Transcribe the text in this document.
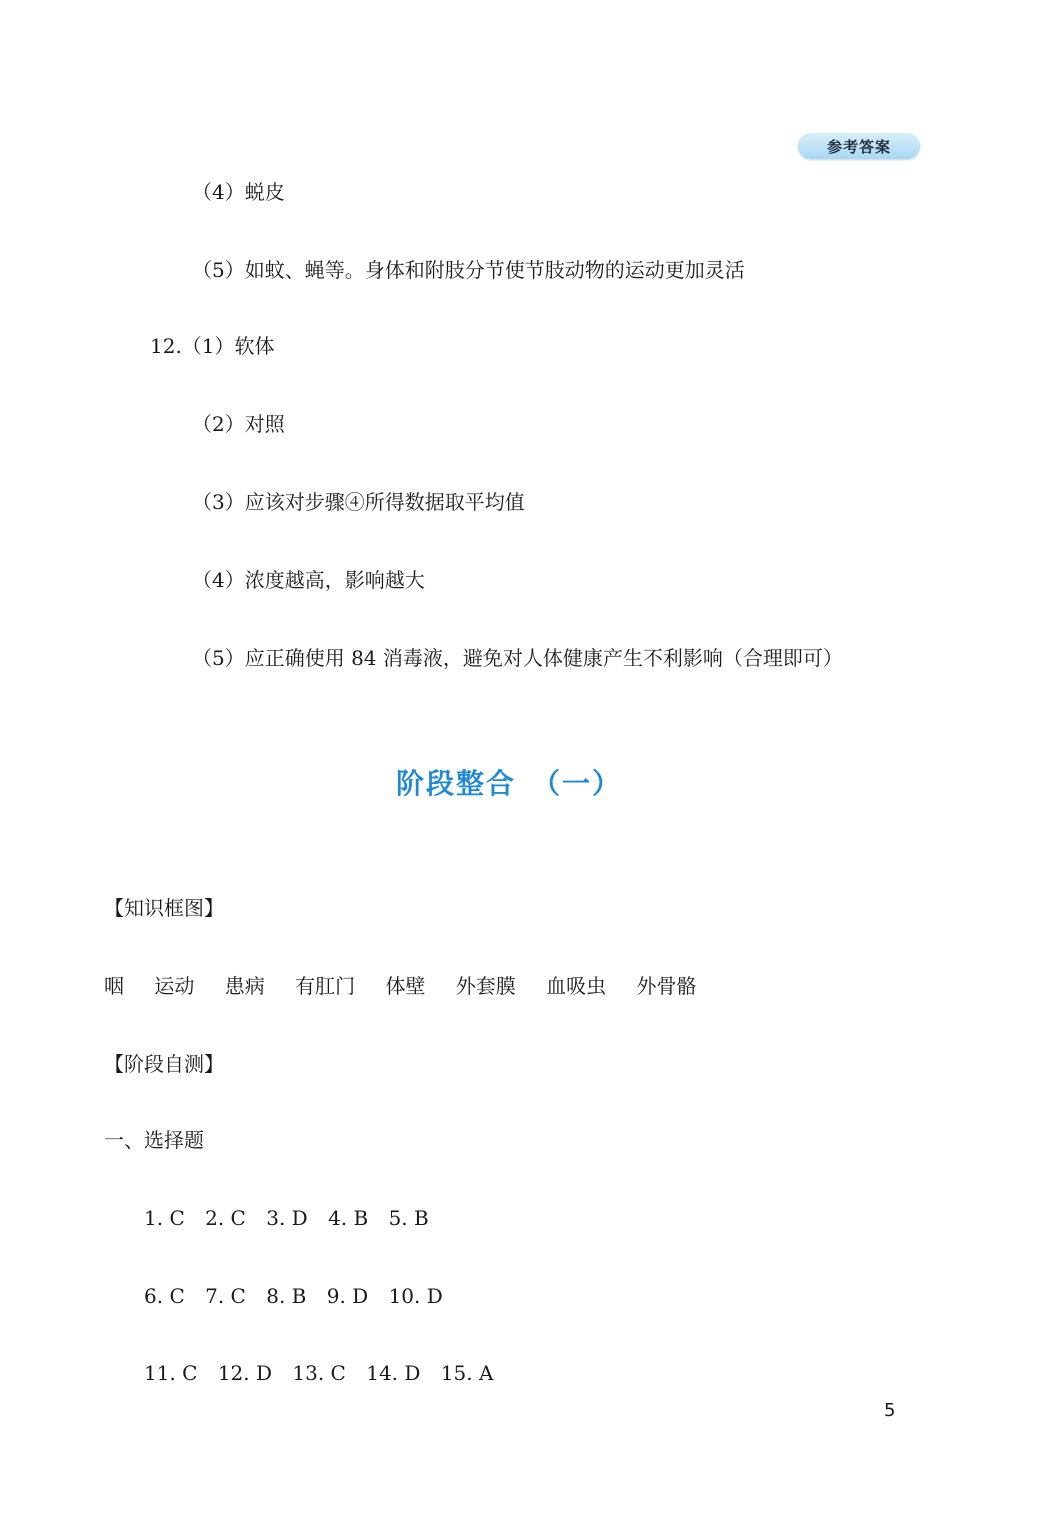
参考答案
（4）蜕皮
（5）如蚊、蝇等。身体和附肢分节使节肢动物的运动更加灵活
12.（1）软体
（2）对照
（3）应该对步骤④所得数据取平均值
（4）浓度越高，影响越大
（5）应正确使用 84 消毒液，避免对人体健康产生不利影响（合理即可）
阶段整合　（一）
【知识框图】
咽 运动 患病 有肛门 体壁 外套膜 血吸虫 外骨骼
【阶段自测】
一、选择题
1. C 2. C 3. D 4. B 5. B
6. C 7. C 8. B 9. D 10. D
11. C 12. D 13. C 14. D 15. A
5
